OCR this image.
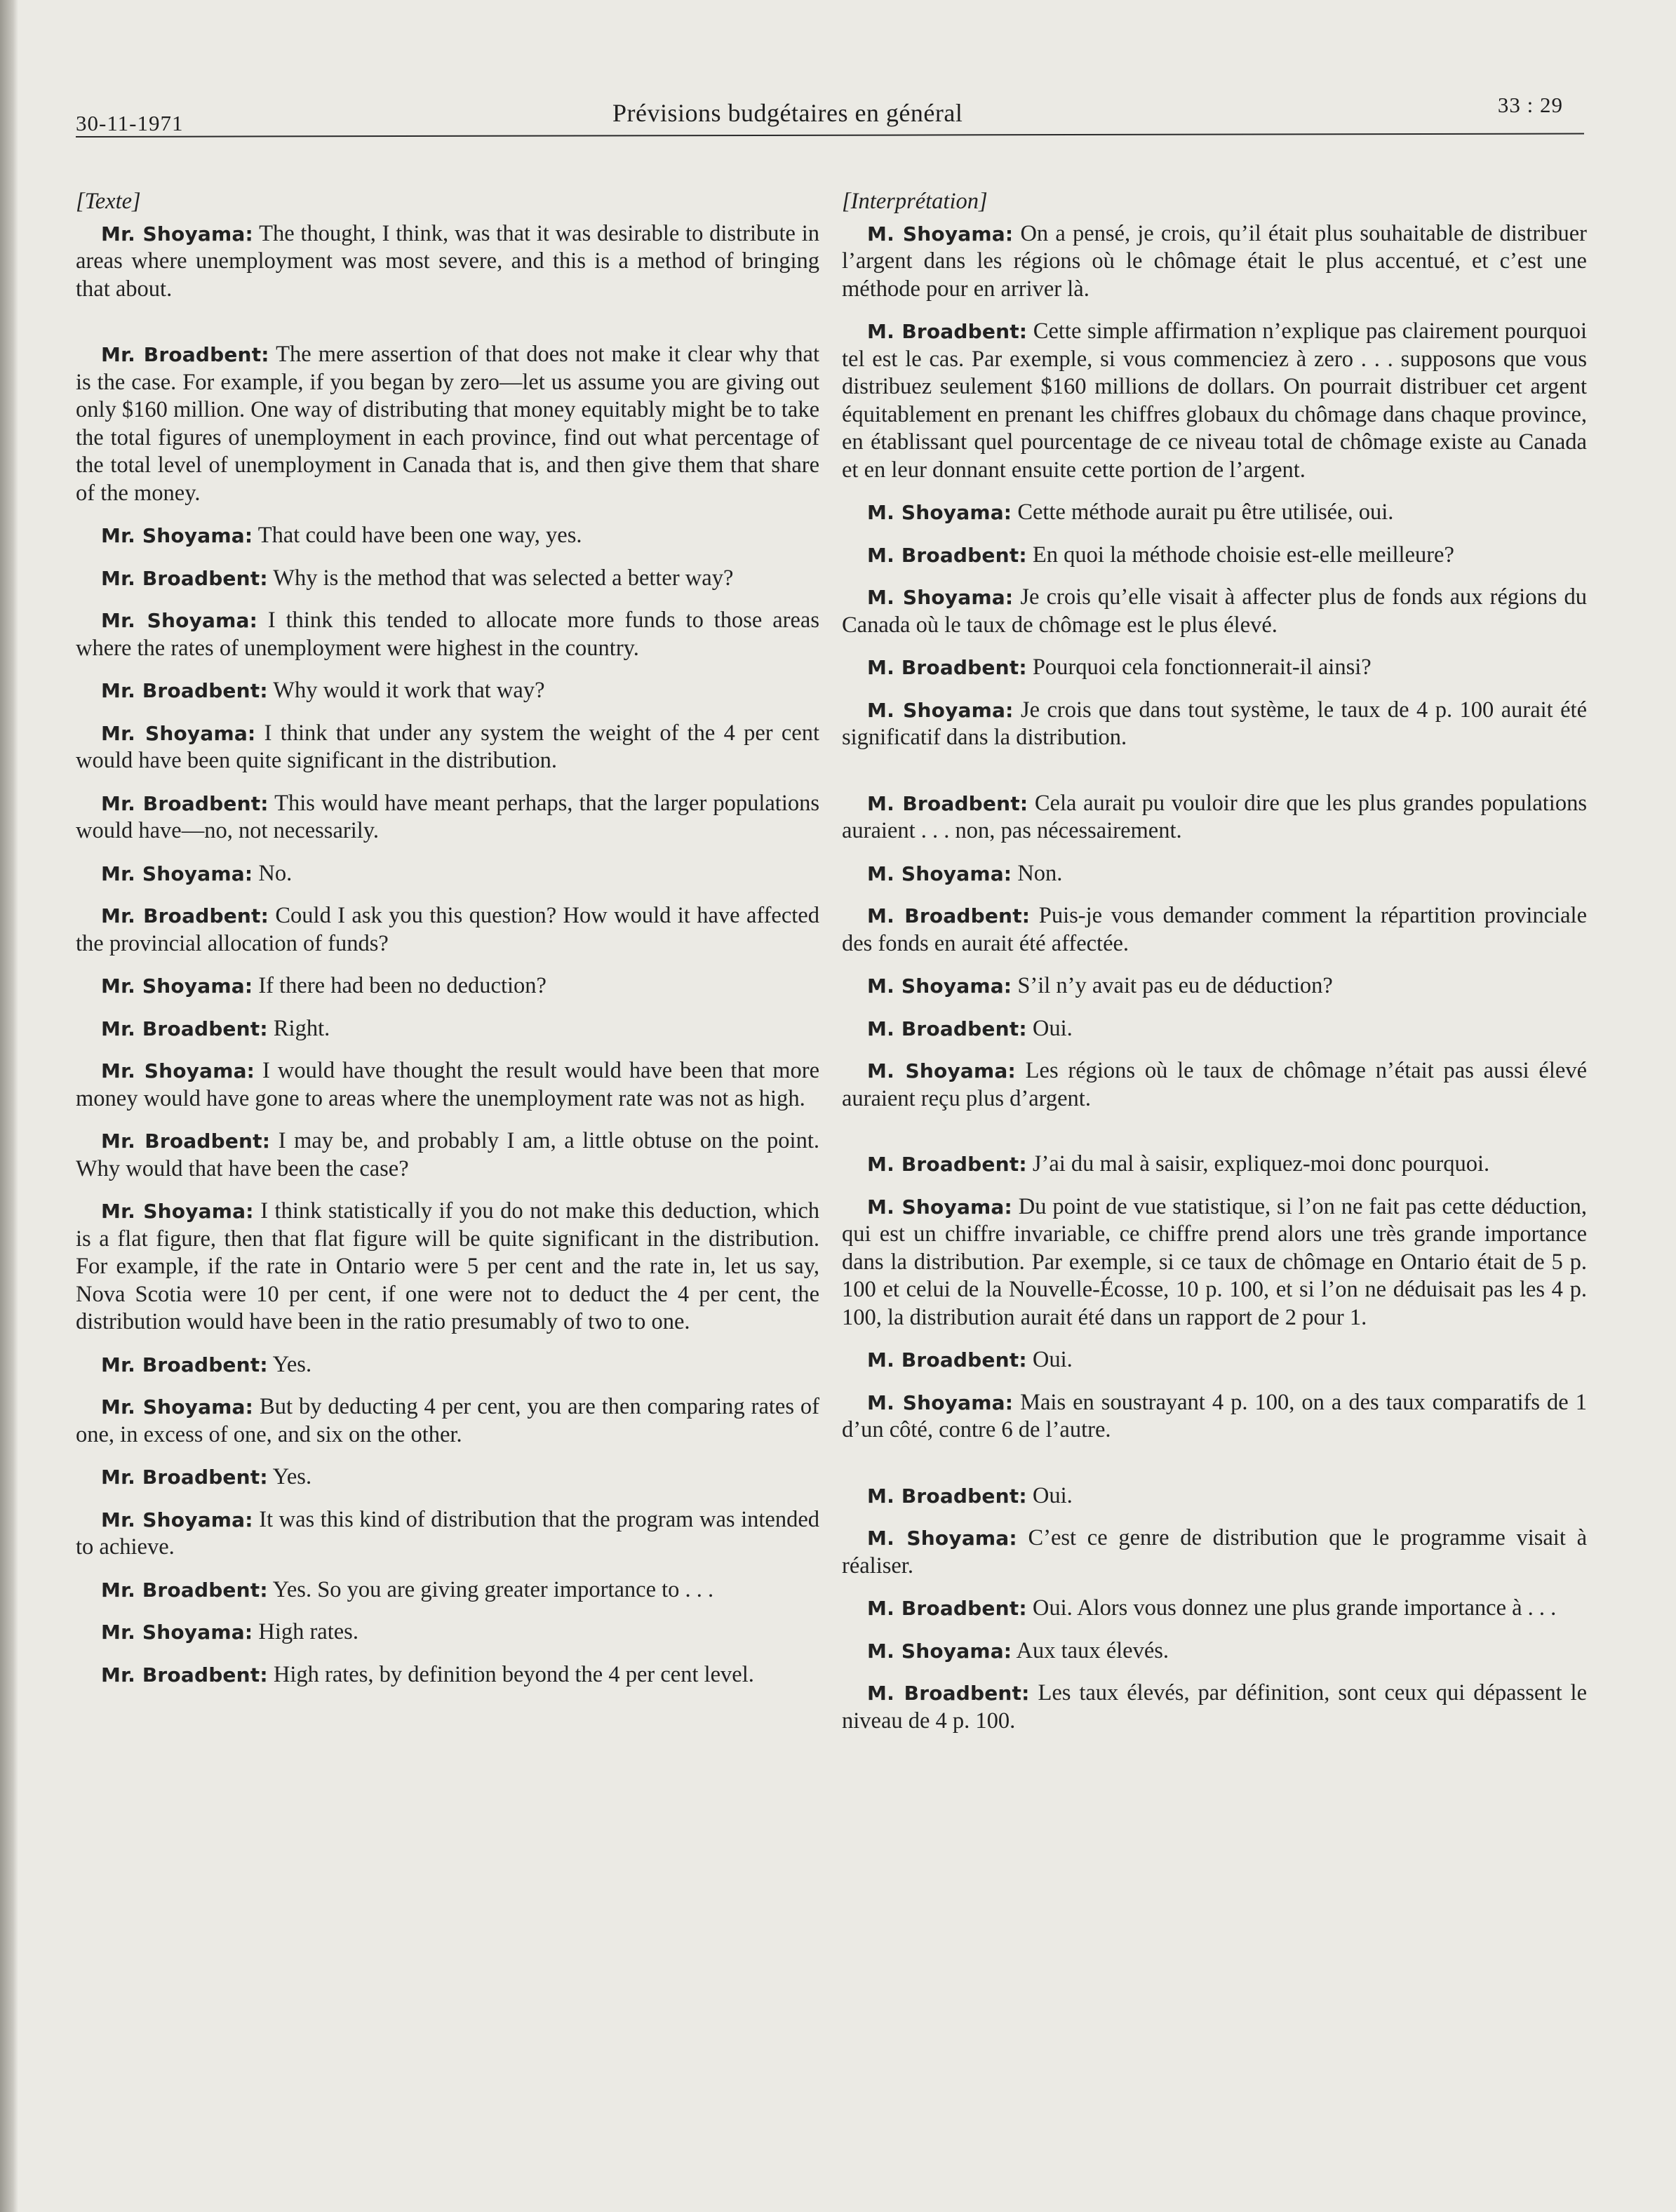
30-11-1971	Prévisions budgétaires en général	33 : 29
[Texte]

Mr. Shoyama: The thought, I think, was that it was desirable to distribute in areas where unemployment was most severe, and this is a method of bringing that about.

Mr. Broadbent: The mere assertion of that does not make it clear why that is the case. For example, if you began by zero—let us assume you are giving out only $160 million. One way of distributing that money equitably might be to take the total figures of unemployment in each province, find out what percentage of the total level of unemployment in Canada that is, and then give them that share of the money.

Mr. Shoyama: That could have been one way, yes.

Mr. Broadbent: Why is the method that was selected a better way?

Mr. Shoyama: I think this tended to allocate more funds to those areas where the rates of unemployment were highest in the country.

Mr. Broadbent: Why would it work that way?

Mr. Shoyama: I think that under any system the weight of the 4 per cent would have been quite significant in the distribution.

Mr. Broadbent: This would have meant perhaps, that the larger populations would have—no, not necessarily.

Mr. Shoyama: No.

Mr. Broadbent: Could I ask you this question? How would it have affected the provincial allocation of funds?

Mr. Shoyama: If there had been no deduction?

Mr. Broadbent: Right.

Mr. Shoyama: I would have thought the result would have been that more money would have gone to areas where the unemployment rate was not as high.

Mr. Broadbent: I may be, and probably I am, a little obtuse on the point. Why would that have been the case?

Mr. Shoyama: I think statistically if you do not make this deduction, which is a flat figure, then that flat figure will be quite significant in the distribution. For example, if the rate in Ontario were 5 per cent and the rate in, let us say, Nova Scotia were 10 per cent, if one were not to deduct the 4 per cent, the distribution would have been in the ratio presumably of two to one.

Mr. Broadbent: Yes.

Mr. Shoyama: But by deducting 4 per cent, you are then comparing rates of one, in excess of one, and six on the other.

Mr. Broadbent: Yes.

Mr. Shoyama: It was this kind of distribution that the program was intended to achieve.

Mr. Broadbent: Yes. So you are giving greater importance to . . .

Mr. Shoyama: High rates.

Mr. Broadbent: High rates, by definition beyond the 4 per cent level.

[Interprétation]

M. Shoyama: On a pensé, je crois, qu’il était plus souhaitable de distribuer l’argent dans les régions où le chômage était le plus accentué, et c’est une méthode pour en arriver là.

M. Broadbent: Cette simple affirmation n’explique pas clairement pourquoi tel est le cas. Par exemple, si vous commenciez à zero . . . supposons que vous distribuez seulement $160 millions de dollars. On pourrait distribuer cet argent équitablement en prenant les chiffres globaux du chômage dans chaque province, en établissant quel pourcentage de ce niveau total de chômage existe au Canada et en leur donnant ensuite cette portion de l’argent.

M. Shoyama: Cette méthode aurait pu être utilisée, oui.

M. Broadbent: En quoi la méthode choisie est-elle meilleure?

M. Shoyama: Je crois qu’elle visait à affecter plus de fonds aux régions du Canada où le taux de chômage est le plus élevé.

M. Broadbent: Pourquoi cela fonctionnerait-il ainsi?

M. Shoyama: Je crois que dans tout système, le taux de 4 p. 100 aurait été significatif dans la distribution.

M. Broadbent: Cela aurait pu vouloir dire que les plus grandes populations auraient . . . non, pas nécessairement.

M. Shoyama: Non.

M. Broadbent: Puis-je vous demander comment la répartition provinciale des fonds en aurait été affectée.

M. Shoyama: S’il n’y avait pas eu de déduction?

M. Broadbent: Oui.

M. Shoyama: Les régions où le taux de chômage n’était pas aussi élevé auraient reçu plus d’argent.

M. Broadbent: J’ai du mal à saisir, expliquez-moi donc pourquoi.

M. Shoyama: Du point de vue statistique, si l’on ne fait pas cette déduction, qui est un chiffre invariable, ce chiffre prend alors une très grande importance dans la distribution. Par exemple, si ce taux de chômage en Ontario était de 5 p. 100 et celui de la Nouvelle-Écosse, 10 p. 100, et si l’on ne déduisait pas les 4 p. 100, la distribution aurait été dans un rapport de 2 pour 1.

M. Broadbent: Oui.

M. Shoyama: Mais en soustrayant 4 p. 100, on a des taux comparatifs de 1 d’un côté, contre 6 de l’autre.

M. Broadbent: Oui.

M. Shoyama: C’est ce genre de distribution que le programme visait à réaliser.

M. Broadbent: Oui. Alors vous donnez une plus grande importance à . . .

M. Shoyama: Aux taux élevés.

M. Broadbent: Les taux élevés, par définition, sont ceux qui dépassent le niveau de 4 p. 100.
